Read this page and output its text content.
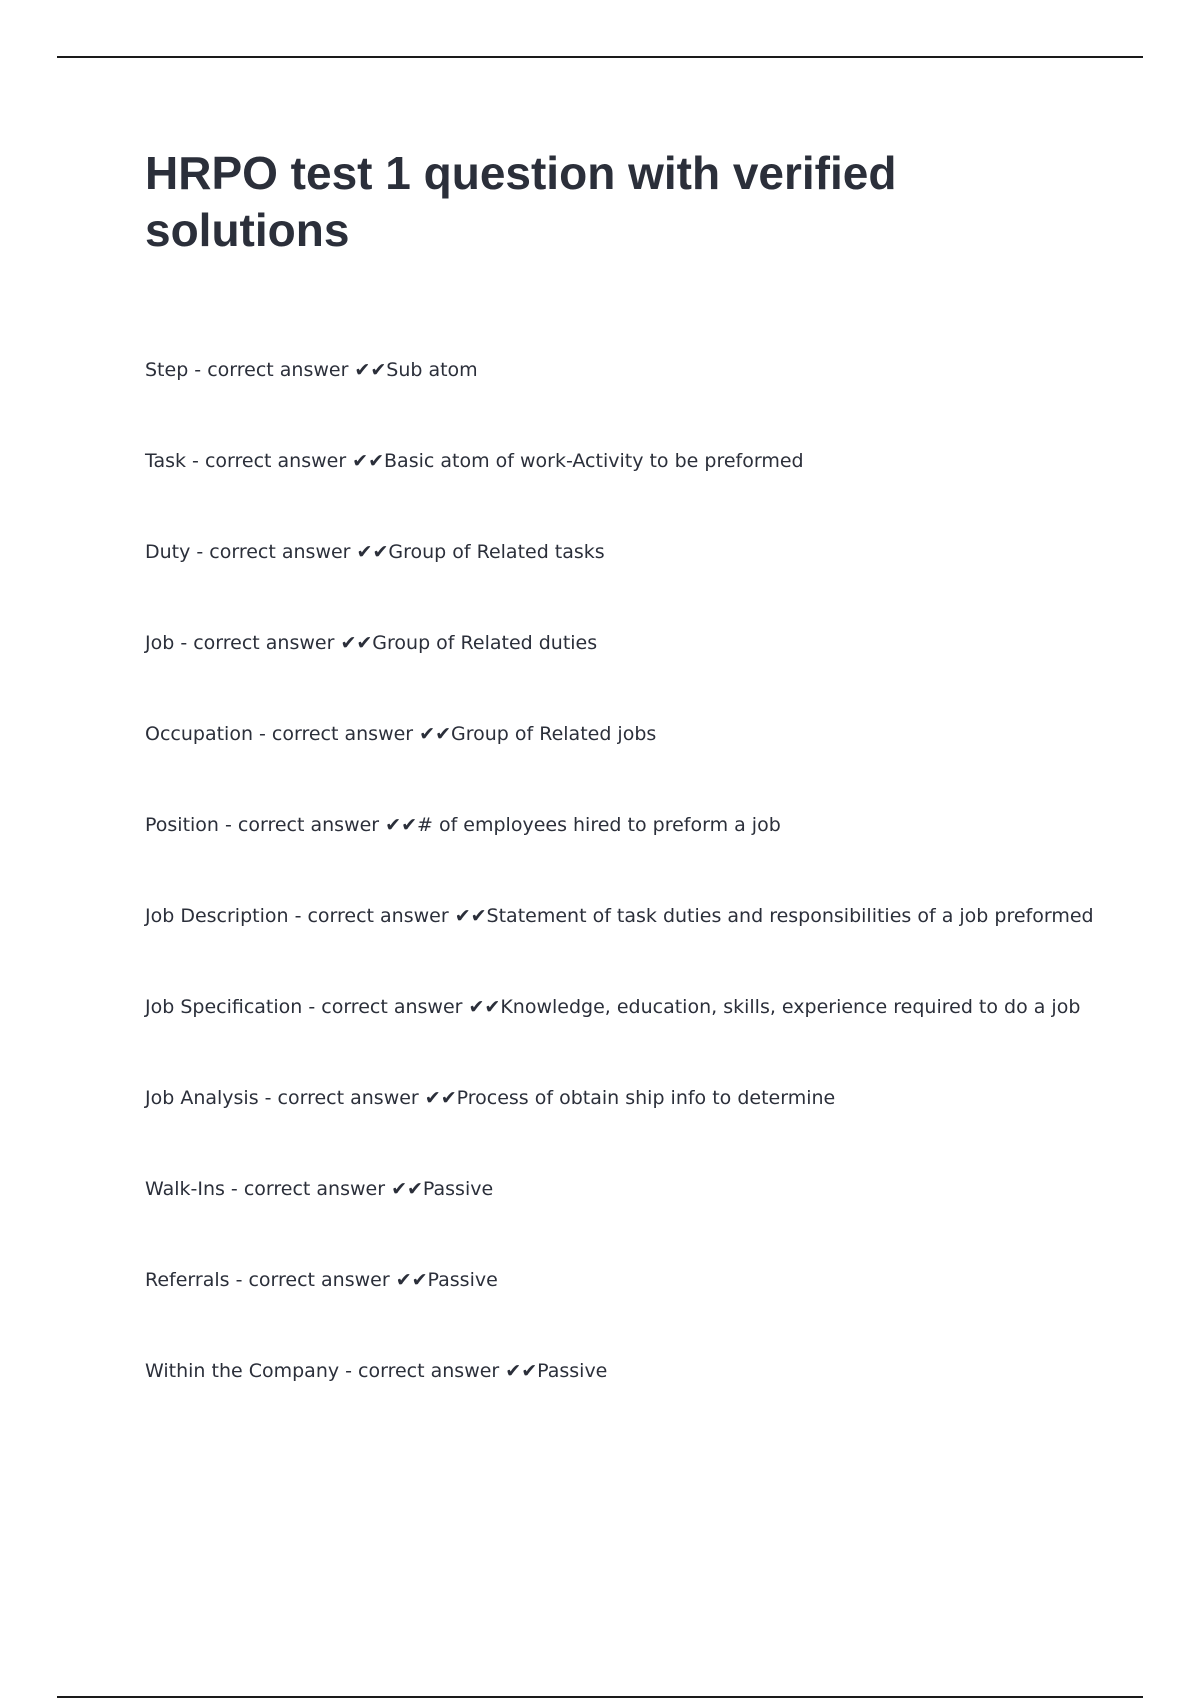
HRPO test 1 question with verified solutions
Step - correct answer ✔✔Sub atom
Task - correct answer ✔✔Basic atom of work-Activity to be preformed
Duty - correct answer ✔✔Group of Related tasks
Job - correct answer ✔✔Group of Related duties
Occupation - correct answer ✔✔Group of Related jobs
Position - correct answer ✔✔# of employees hired to preform a job
Job Description - correct answer ✔✔Statement of task duties and responsibilities of a job preformed
Job Specification - correct answer ✔✔Knowledge, education, skills, experience required to do a job
Job Analysis - correct answer ✔✔Process of obtain ship info to determine
Walk-Ins - correct answer ✔✔Passive
Referrals - correct answer ✔✔Passive
Within the Company - correct answer ✔✔Passive
